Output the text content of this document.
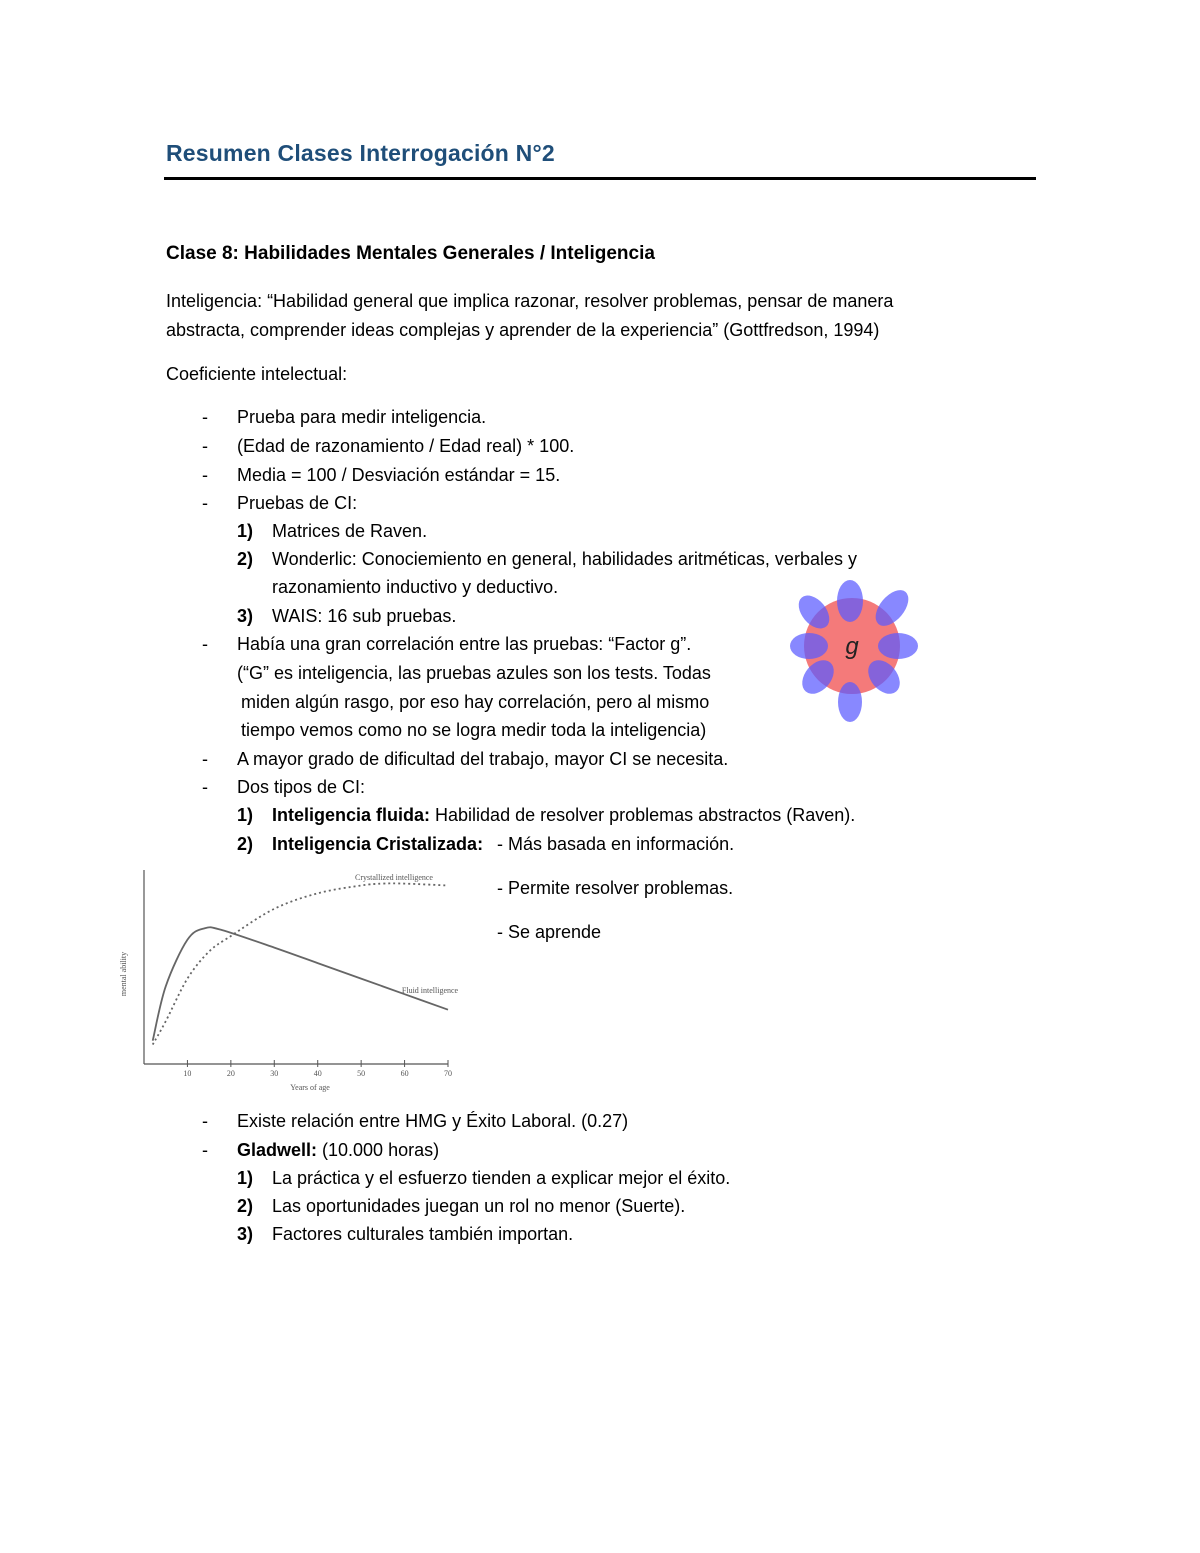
Resumen Clases Interrogación N°2
Clase 8: Habilidades Mentales Generales / Inteligencia
Inteligencia: “Habilidad general que implica razonar, resolver problemas, pensar de manera
abstracta, comprender ideas complejas y aprender de la experiencia” (Gottfredson, 1994)
Coeficiente intelectual:
- Prueba para medir inteligencia.
- (Edad de razonamiento / Edad real) * 100.
- Media = 100 / Desviación estándar = 15.
- Pruebas de CI:
1) Matrices de Raven.
2) Wonderlic: Conociemiento en general, habilidades aritméticas, verbales y
razonamiento inductivo y deductivo.
3) WAIS: 16 sub pruebas.
- Había una gran correlación entre las pruebas: “Factor g”.
(“G” es inteligencia, las pruebas azules son los tests. Todas
miden algún rasgo, por eso hay correlación, pero al mismo
tiempo vemos como no se logra medir toda la inteligencia)
g
- A mayor grado de dificultad del trabajo, mayor CI se necesita.
- Dos tipos de CI:
1) Inteligencia fluida: Habilidad de resolver problemas abstractos (Raven).
2) Inteligencia Cristalizada: - Más basada en información.
- Permite resolver problemas.
- Se aprende
10	20	30	40	50	60	70
Crystallized intelligence
Fluid intelligence
Years of age
mental ability
- Existe relación entre HMG y Éxito Laboral. (0.27)
- Gladwell: (10.000 horas)
1) La práctica y el esfuerzo tienden a explicar mejor el éxito.
2) Las oportunidades juegan un rol no menor (Suerte).
3) Factores culturales también importan.
